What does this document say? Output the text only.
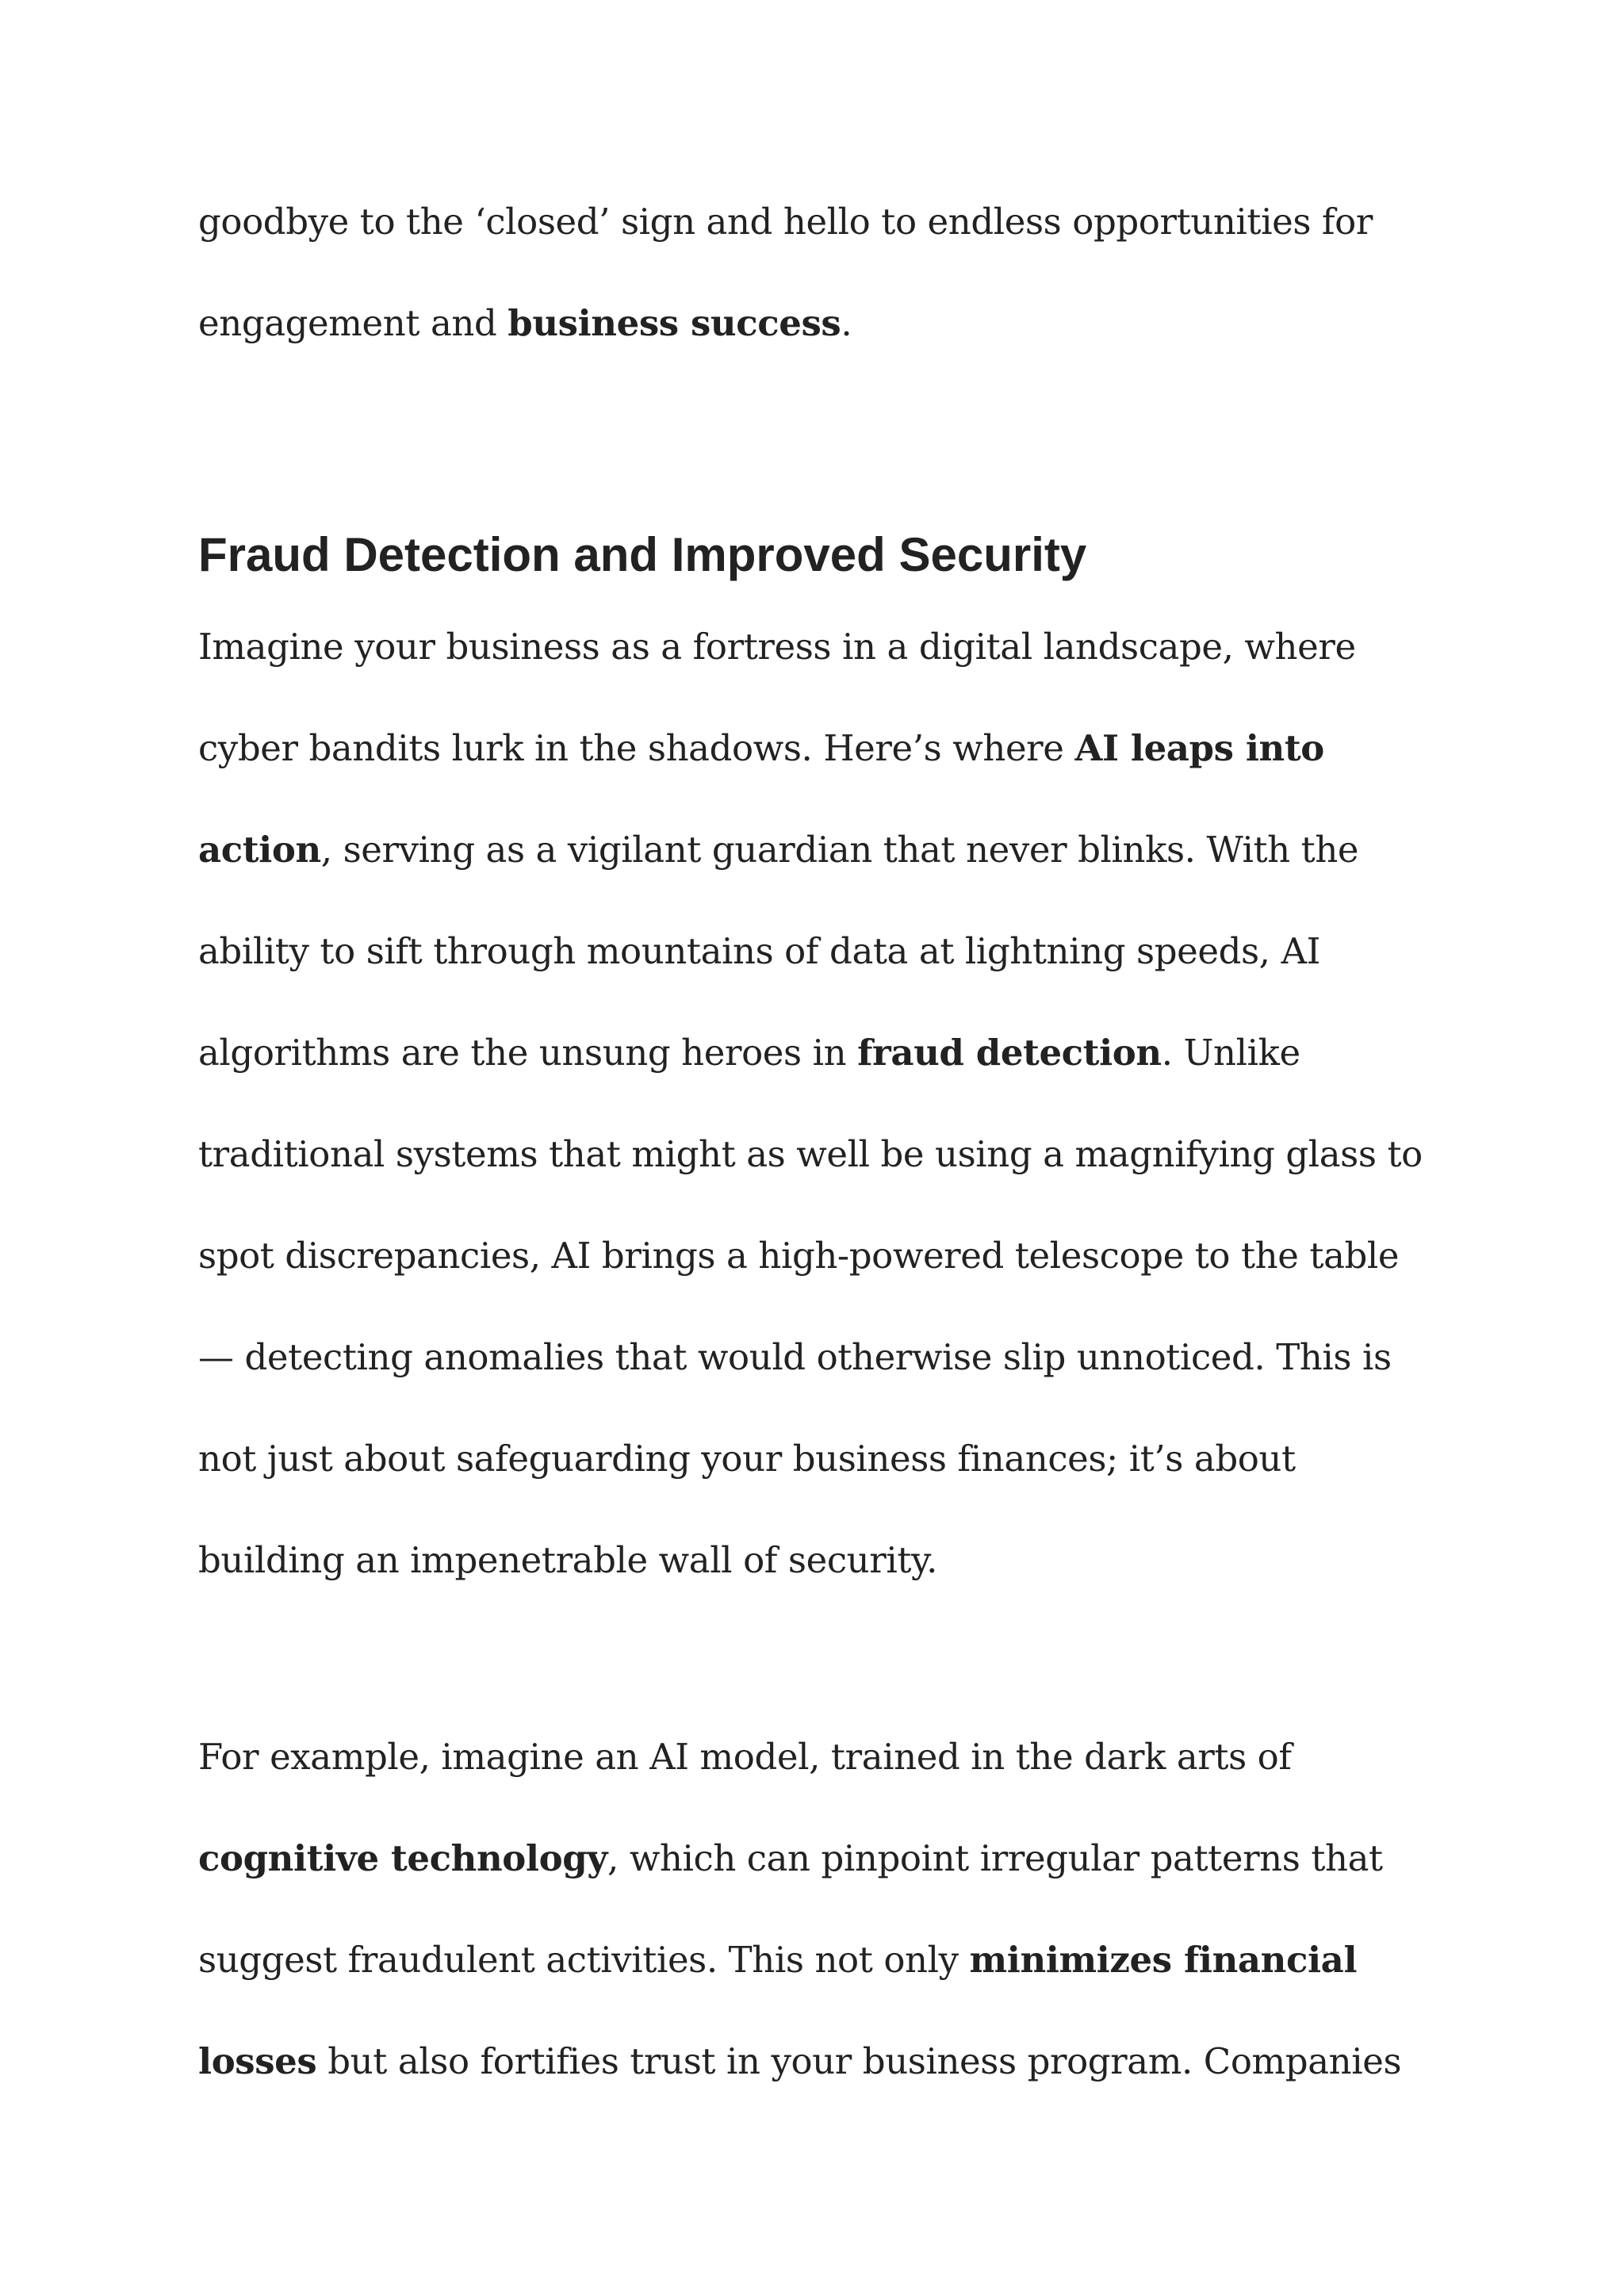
goodbye to the ‘closed’ sign and hello to endless opportunities for
engagement and business success.

Fraud Detection and Improved Security

Imagine your business as a fortress in a digital landscape, where
cyber bandits lurk in the shadows. Here’s where AI leaps into
action, serving as a vigilant guardian that never blinks. With the
ability to sift through mountains of data at lightning speeds, AI
algorithms are the unsung heroes in fraud detection. Unlike
traditional systems that might as well be using a magnifying glass to
spot discrepancies, AI brings a high-powered telescope to the table
— detecting anomalies that would otherwise slip unnoticed. This is
not just about safeguarding your business finances; it’s about
building an impenetrable wall of security.

For example, imagine an AI model, trained in the dark arts of
cognitive technology, which can pinpoint irregular patterns that
suggest fraudulent activities. This not only minimizes financial
losses but also fortifies trust in your business program. Companies
